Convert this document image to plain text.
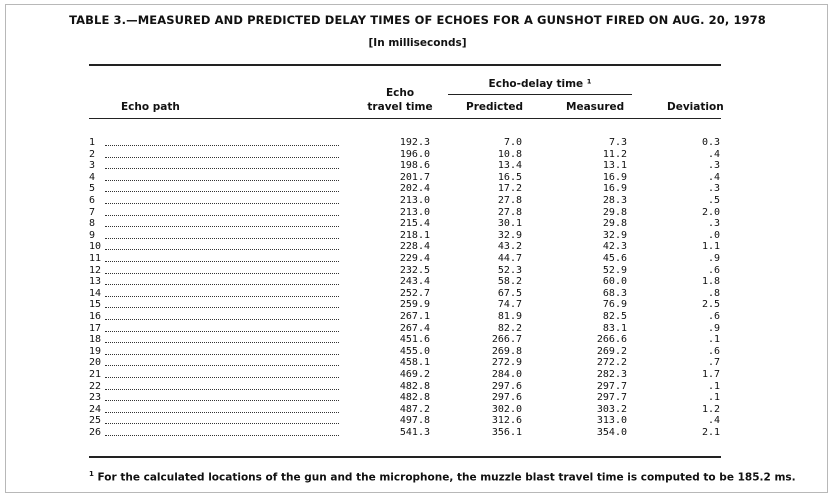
TABLE 3.—MEASURED AND PREDICTED DELAY TIMES OF ECHOES FOR A GUNSHOT FIRED ON AUG. 20, 1978
[In milliseconds]
Echo path
Echo
travel time
Echo-delay time ¹
Predicted	Measured	Deviation
1	192.3	7.0	7.3	0.3
2	196.0	10.8	11.2	.4
3	198.6	13.4	13.1	.3
4	201.7	16.5	16.9	.4
5	202.4	17.2	16.9	.3
6	213.0	27.8	28.3	.5
7	213.0	27.8	29.8	2.0
8	215.4	30.1	29.8	.3
9	218.1	32.9	32.9	.0
10	228.4	43.2	42.3	1.1
11	229.4	44.7	45.6	.9
12	232.5	52.3	52.9	.6
13	243.4	58.2	60.0	1.8
14	252.7	67.5	68.3	.8
15	259.9	74.7	76.9	2.5
16	267.1	81.9	82.5	.6
17	267.4	82.2	83.1	.9
18	451.6	266.7	266.6	.1
19	455.0	269.8	269.2	.6
20	458.1	272.9	272.2	.7
21	469.2	284.0	282.3	1.7
22	482.8	297.6	297.7	.1
23	482.8	297.6	297.7	.1
24	487.2	302.0	303.2	1.2
25	497.8	312.6	313.0	.4
26	541.3	356.1	354.0	2.1
$^1$ For the calculated locations of the gun and the microphone, the muzzle blast travel time is computed to be 185.2 ms.
